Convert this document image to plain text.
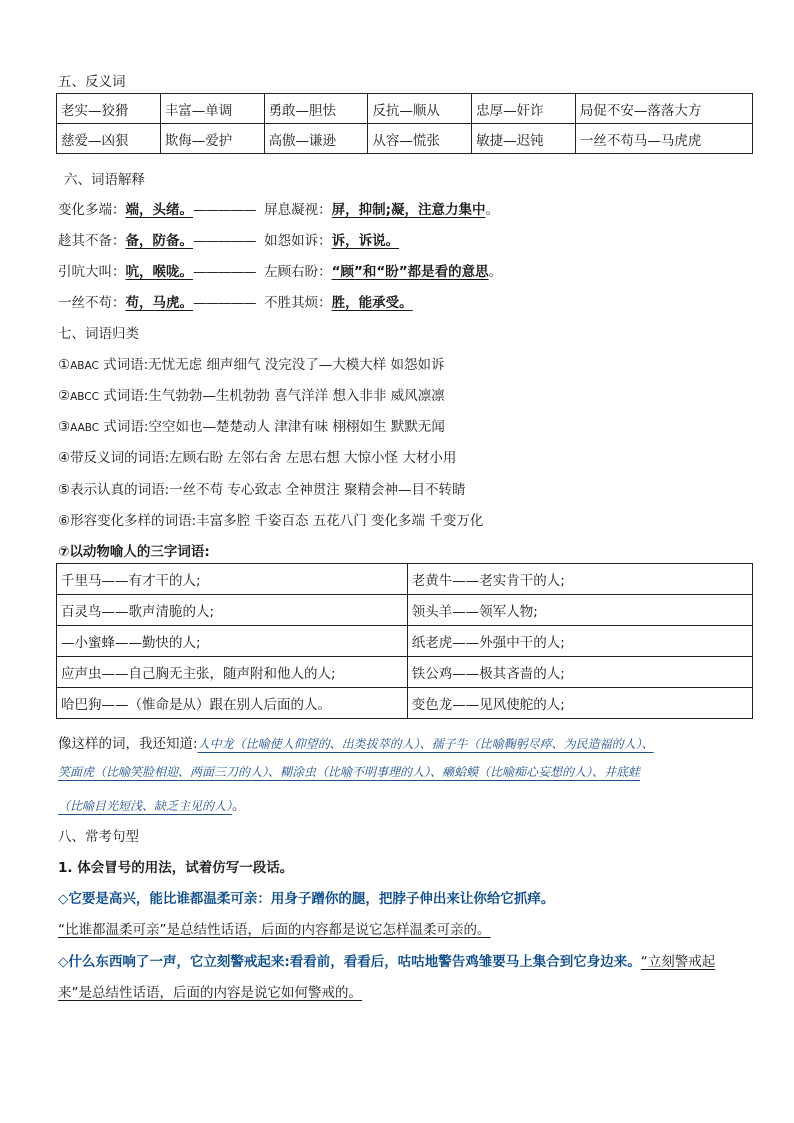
五、反义词
老实—狡猾	丰富—单调	勇敢—胆怯	反抗—顺从	忠厚—奸诈	局促不安—落落大方
慈爱—凶狠	欺侮—爱护	高傲—谦逊	从容—慌张	敏捷—迟钝	一丝不苟马—马虎虎
六、词语解释
变化多端：端，头绪。————— 屏息凝视：屏，抑制;凝，注意力集中。
趁其不备：备，防备。————— 如怨如诉：诉，诉说。
引吭大叫：吭，喉咙。————— 左顾右盼：“顾”和“盼”都是看的意思。
一丝不苟：苟，马虎。————— 不胜其烦：胜，能承受。
七、词语归类
①ABAC 式词语:无忧无虑 细声细气 没完没了—大模大样 如怨如诉
②ABCC 式词语:生气勃勃—生机勃勃 喜气洋洋 想入非非 威风凛凛
③AABC 式词语:空空如也—楚楚动人 津津有味 栩栩如生 默默无闻
④带反义词的词语:左顾右盼 左邻右舍 左思右想 大惊小怪 大材小用
⑤表示认真的词语:一丝不苟 专心致志 全神贯注 聚精会神—目不转睛
⑥形容变化多样的词语:丰富多腔 千姿百态 五花八门 变化多端 千变万化
⑦以动物喻人的三字词语:
千里马——有才干的人;	老黄牛——老实肯干的人;
百灵鸟——歌声清脆的人;	领头羊——领军人物;
—小蜜蜂——勤快的人;	纸老虎——外强中干的人;
应声虫——自己胸无主张，随声附和他人的人;	铁公鸡——极其吝啬的人;
哈巴狗——（惟命是从）跟在别人后面的人。	变色龙——见风使舵的人;
像这样的词，我还知道:人中龙（比喻使人仰望的、出类拔萃的人）、孺子牛（比喻鞠躬尽瘁、为民造福的人）、
笑面虎（比喻笑脸相迎、两面三刀的人）、糊涂虫（比喻不明事理的人）、癞蛤蟆（比喻痴心妄想的人）、井底蛙
（比喻目光短浅、缺乏主见的人）。
八、常考句型
1. 体会冒号的用法，试着仿写一段话。
◇它要是高兴，能比谁都温柔可亲：用身子蹭你的腿，把脖子伸出来让你给它抓痒。
“比谁都温柔可亲”是总结性话语，后面的内容都是说它怎样温柔可亲的。
◇什么东西响了一声，它立刻警戒起来:看看前，看看后，咕咕地警告鸡雏要马上集合到它身边来。“立刻警戒起
来”是总结性话语，后面的内容是说它如何警戒的。
